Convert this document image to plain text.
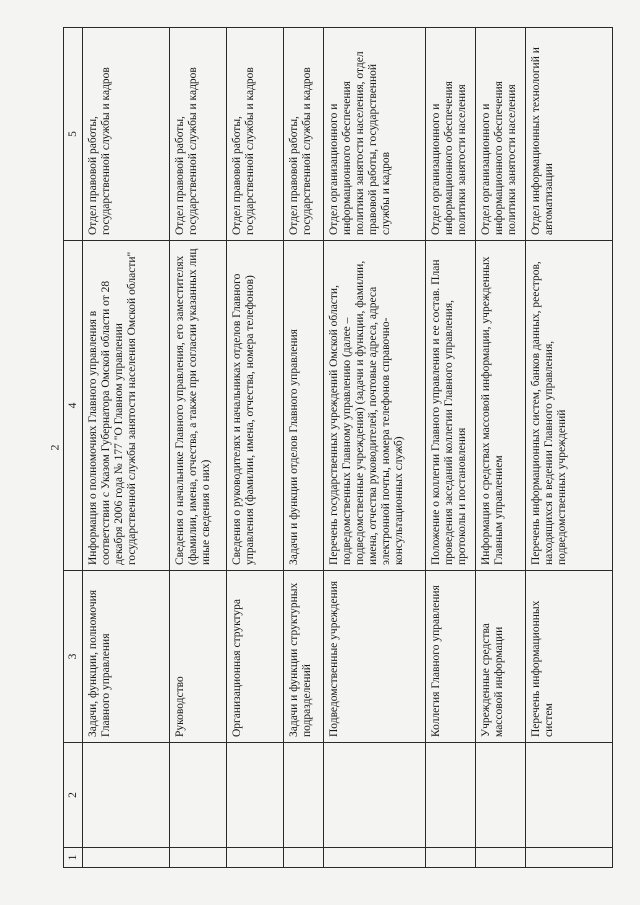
2
1	2	3	4	5
		Задачи, функции, полномочия Главного управления	Информация о полномочиях Главного управления в соответствии с Указом Губернатора Омской области от 28 декабря 2006 года № 177 "О Главном управлении государственной службы занятости населения Омской области"	Отдел правовой работы, государственной службы и кадров
		Руководство	Сведения о начальнике Главного управления, его заместителях (фамилии, имена, отчества, а также при согласии указанных лиц иные сведения о них)	Отдел правовой работы, государственной службы и кадров
		Организационная структура	Сведения о руководителях и начальниках отделов Главного управления (фамилии, имена, отчества, номера телефонов)	Отдел правовой работы, государственной службы и кадров
		Задачи и функции структурных подразделений	Задачи и функции отделов Главного управления	Отдел правовой работы, государственной службы и кадров
		Подведомственные учреждения	Перечень государственных учреждений Омской области, подведомственных Главному управлению (далее – подведомственные учреждения) (задачи и функции, фамилии, имена, отчества руководителей, почтовые адреса, адреса электронной почты, номера телефонов справочно-консультационных служб)	Отдел организационного и информационного обеспечения политики занятости населения, отдел правовой работы, государственной службы и кадров
		Коллегия Главного управления	Положение о коллегии Главного управления и ее состав. План проведения заседаний коллегии Главного управления, протоколы и постановления	Отдел организационного и информационного обеспечения политики занятости населения
		Учрежденные средства массовой информации	Информация о средствах массовой информации, учрежденных Главным управлением	Отдел организационного и информационного обеспечения политики занятости населения
		Перечень информационных систем	Перечень информационных систем, банков данных, реестров, находящихся в ведении Главного управления, подведомственных учреждений	Отдел информационных технологий и автоматизации
